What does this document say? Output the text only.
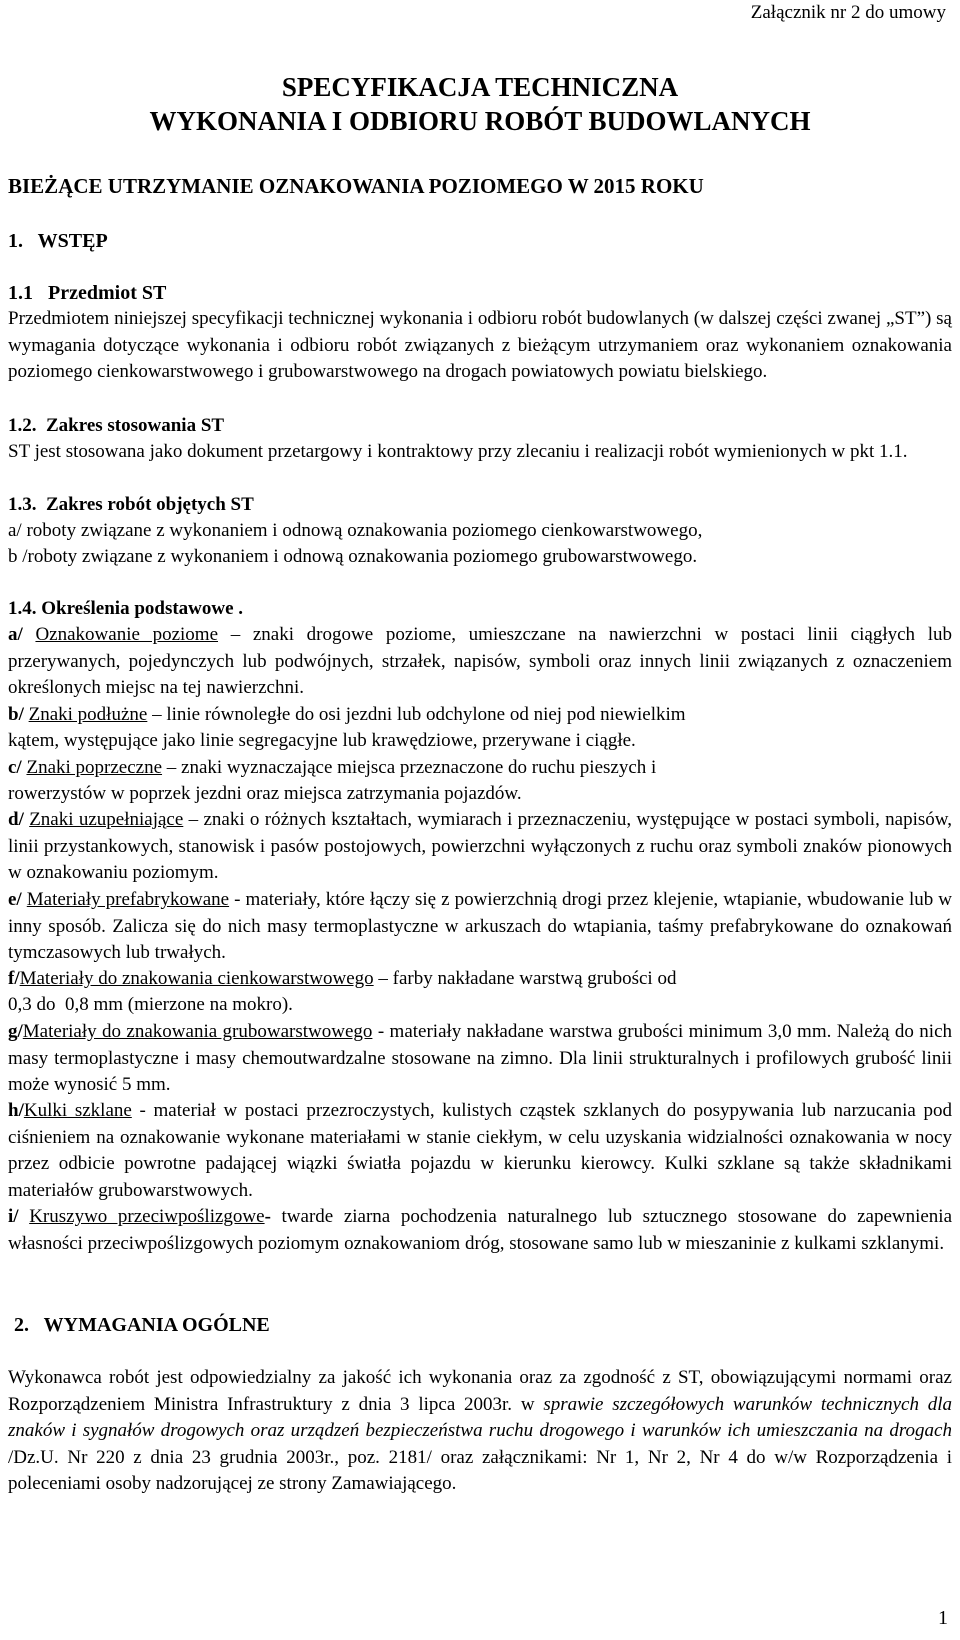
Załącznik nr 2 do umowy
SPECYFIKACJA TECHNICZNA
WYKONANIA I ODBIORU ROBÓT BUDOWLANYCH

BIEŻĄCE UTRZYMANIE OZNAKOWANIA POZIOMEGO W 2015 ROKU

1.   WSTĘP

1.1   Przedmiot ST

Przedmiotem niniejszej specyfikacji technicznej wykonania i odbioru robót budowlanych (w dalszej części zwanej „ST”) są wymagania dotyczące wykonania i odbioru robót związanych z bieżącym utrzymaniem oraz wykonaniem oznakowania poziomego cienkowarstwowego i grubowarstwowego na drogach powiatowych powiatu bielskiego.

1.2.  Zakres stosowania ST

ST jest stosowana jako dokument przetargowy i kontraktowy przy zlecaniu i realizacji robót wymienionych w pkt 1.1.

1.3.  Zakres robót objętych ST

a/ roboty związane z wykonaniem i odnową oznakowania poziomego cienkowarstwowego,

b /roboty związane z wykonaniem i odnową oznakowania poziomego grubowarstwowego.

1.4. Określenia podstawowe .

a/ Oznakowanie poziome – znaki drogowe poziome, umieszczane na nawierzchni w postaci linii ciągłych lub przerywanych, pojedynczych lub podwójnych, strzałek, napisów, symboli oraz innych linii związanych z oznaczeniem określonych miejsc na tej nawierzchni.

b/ Znaki podłużne – linie równoległe do osi jezdni lub odchylone od niej pod niewielkim

kątem, występujące jako linie segregacyjne lub krawędziowe, przerywane i ciągłe.

c/ Znaki poprzeczne – znaki wyznaczające miejsca przeznaczone do ruchu pieszych i

rowerzystów w poprzek jezdni oraz miejsca zatrzymania pojazdów.

d/ Znaki uzupełniające – znaki o różnych kształtach, wymiarach i przeznaczeniu, występujące w postaci symboli, napisów, linii przystankowych, stanowisk i pasów postojowych, powierzchni wyłączonych z ruchu oraz symboli znaków pionowych w oznakowaniu poziomym.

e/ Materiały prefabrykowane - materiały, które łączy się z powierzchnią drogi przez klejenie, wtapianie, wbudowanie lub w inny sposób. Zalicza się do nich masy termoplastyczne w arkuszach do wtapiania, taśmy prefabrykowane do oznakowań tymczasowych lub trwałych.

f/Materiały do znakowania cienkowarstwowego – farby nakładane warstwą grubości od

0,3 do  0,8 mm (mierzone na mokro).

g/Materiały do znakowania grubowarstwowego - materiały nakładane warstwa grubości minimum 3,0 mm. Należą do nich masy termoplastyczne i masy chemoutwardzalne stosowane na zimno. Dla linii strukturalnych i profilowych grubość linii może wynosić 5 mm.

h/Kulki szklane - materiał w postaci przezroczystych, kulistych cząstek szklanych do posypywania lub narzucania pod ciśnieniem na oznakowanie wykonane materiałami w stanie ciekłym, w celu uzyskania widzialności oznakowania w nocy przez odbicie powrotne padającej wiązki światła pojazdu w kierunku kierowcy. Kulki szklane są także składnikami materiałów grubowarstwowych.

i/ Kruszywo przeciwpoślizgowe- twarde ziarna pochodzenia naturalnego lub sztucznego stosowane do zapewnienia własności przeciwpoślizgowych poziomym oznakowaniom dróg, stosowane samo lub w mieszaninie z kulkami szklanymi.

2.   WYMAGANIA OGÓLNE

Wykonawca robót jest odpowiedzialny za jakość ich wykonania oraz za zgodność z ST, obowiązującymi normami oraz Rozporządzeniem Ministra Infrastruktury z dnia 3 lipca 2003r. w sprawie szczegółowych warunków technicznych dla znaków i sygnałów drogowych oraz urządzeń bezpieczeństwa ruchu drogowego i warunków ich umieszczania na drogach /Dz.U. Nr 220 z dnia 23 grudnia 2003r., poz. 2181/ oraz załącznikami: Nr 1, Nr 2, Nr 4 do w/w Rozporządzenia i poleceniami osoby nadzorującej ze strony Zamawiającego.

1
